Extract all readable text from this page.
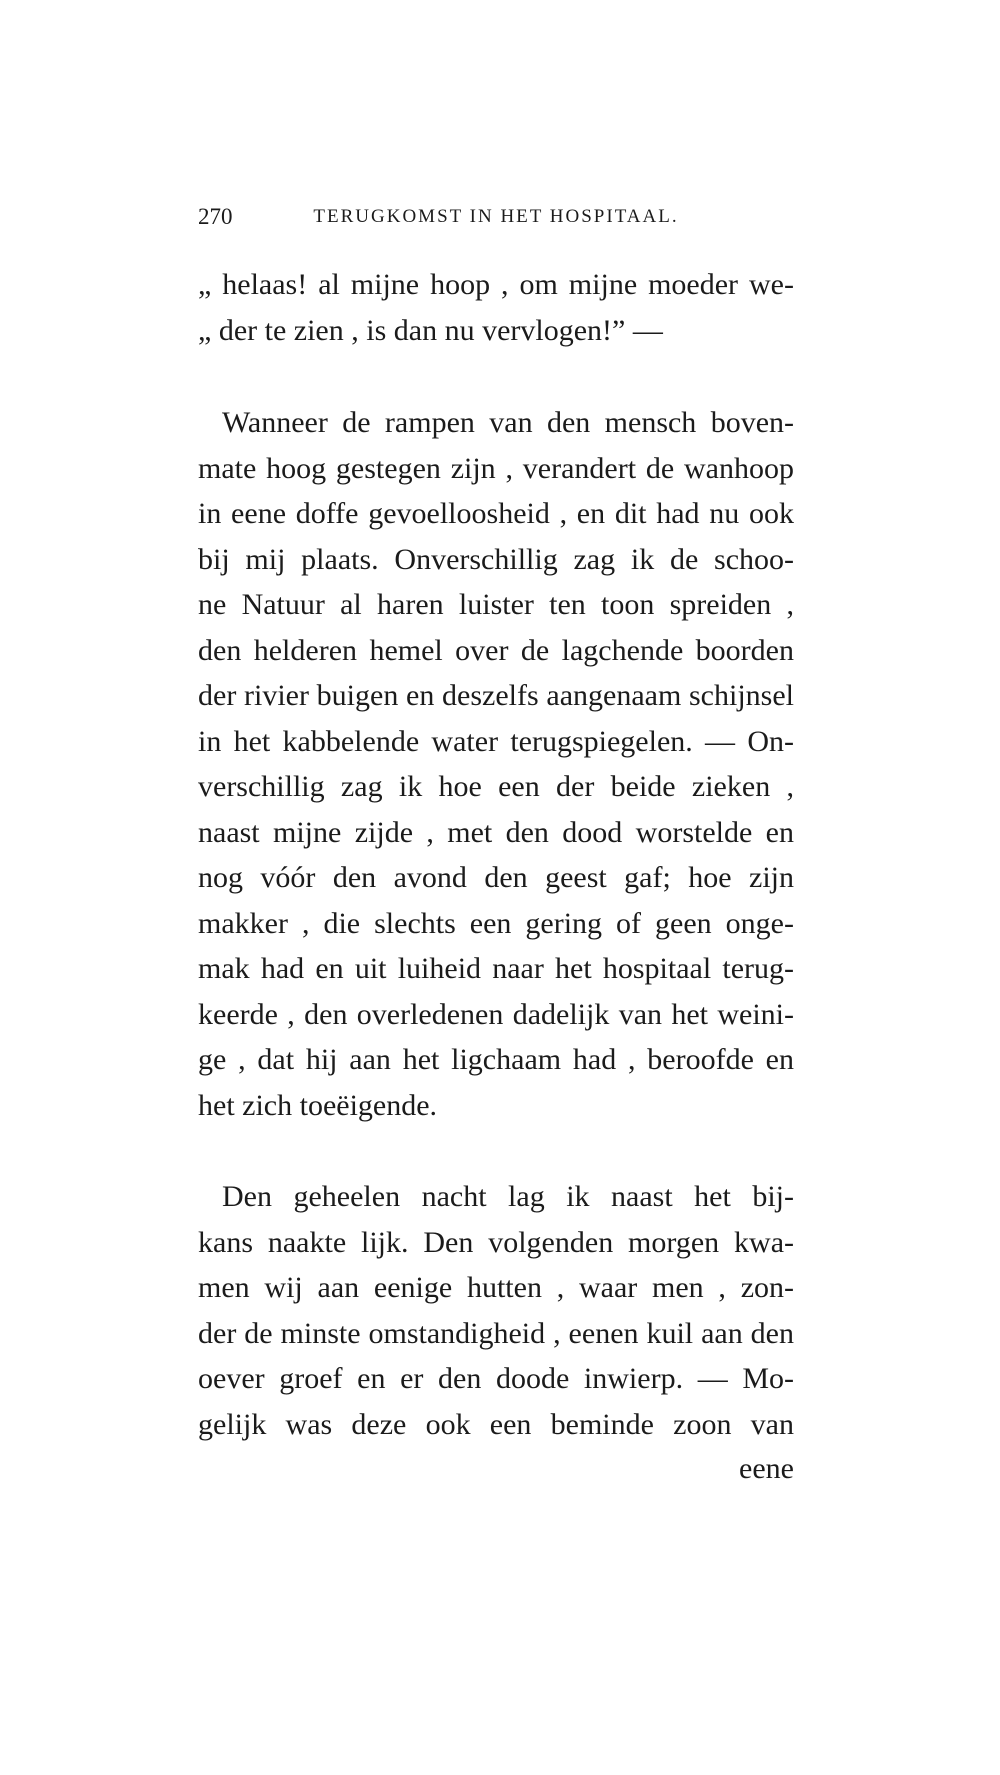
270	TERUGKOMST IN HET HOSPITAAL.
„ helaas! al mijne hoop , om mijne moeder we-
„ der te zien , is dan nu vervlogen!” —
Wanneer de rampen van den mensch boven-
mate hoog gestegen zijn , verandert de wanhoop
in eene doffe gevoelloosheid , en dit had nu ook
bij mij plaats. Onverschillig zag ik de schoo-
ne Natuur al haren luister ten toon spreiden ,
den helderen hemel over de lagchende boorden
der rivier buigen en deszelfs aangenaam schijnsel
in het kabbelende water terugspiegelen. — On-
verschillig zag ik hoe een der beide zieken ,
naast mijne zijde , met den dood worstelde en
nog vóór den avond den geest gaf; hoe zijn
makker , die slechts een gering of geen onge-
mak had en uit luiheid naar het hospitaal terug-
keerde , den overledenen dadelijk van het weini-
ge , dat hij aan het ligchaam had , beroofde en
het zich toeëigende.
Den geheelen nacht lag ik naast het bij-
kans naakte lijk. Den volgenden morgen kwa-
men wij aan eenige hutten , waar men , zon-
der de minste omstandigheid , eenen kuil aan den
oever groef en er den doode inwierp. — Mo-
gelijk was deze ook een beminde zoon van
eene
